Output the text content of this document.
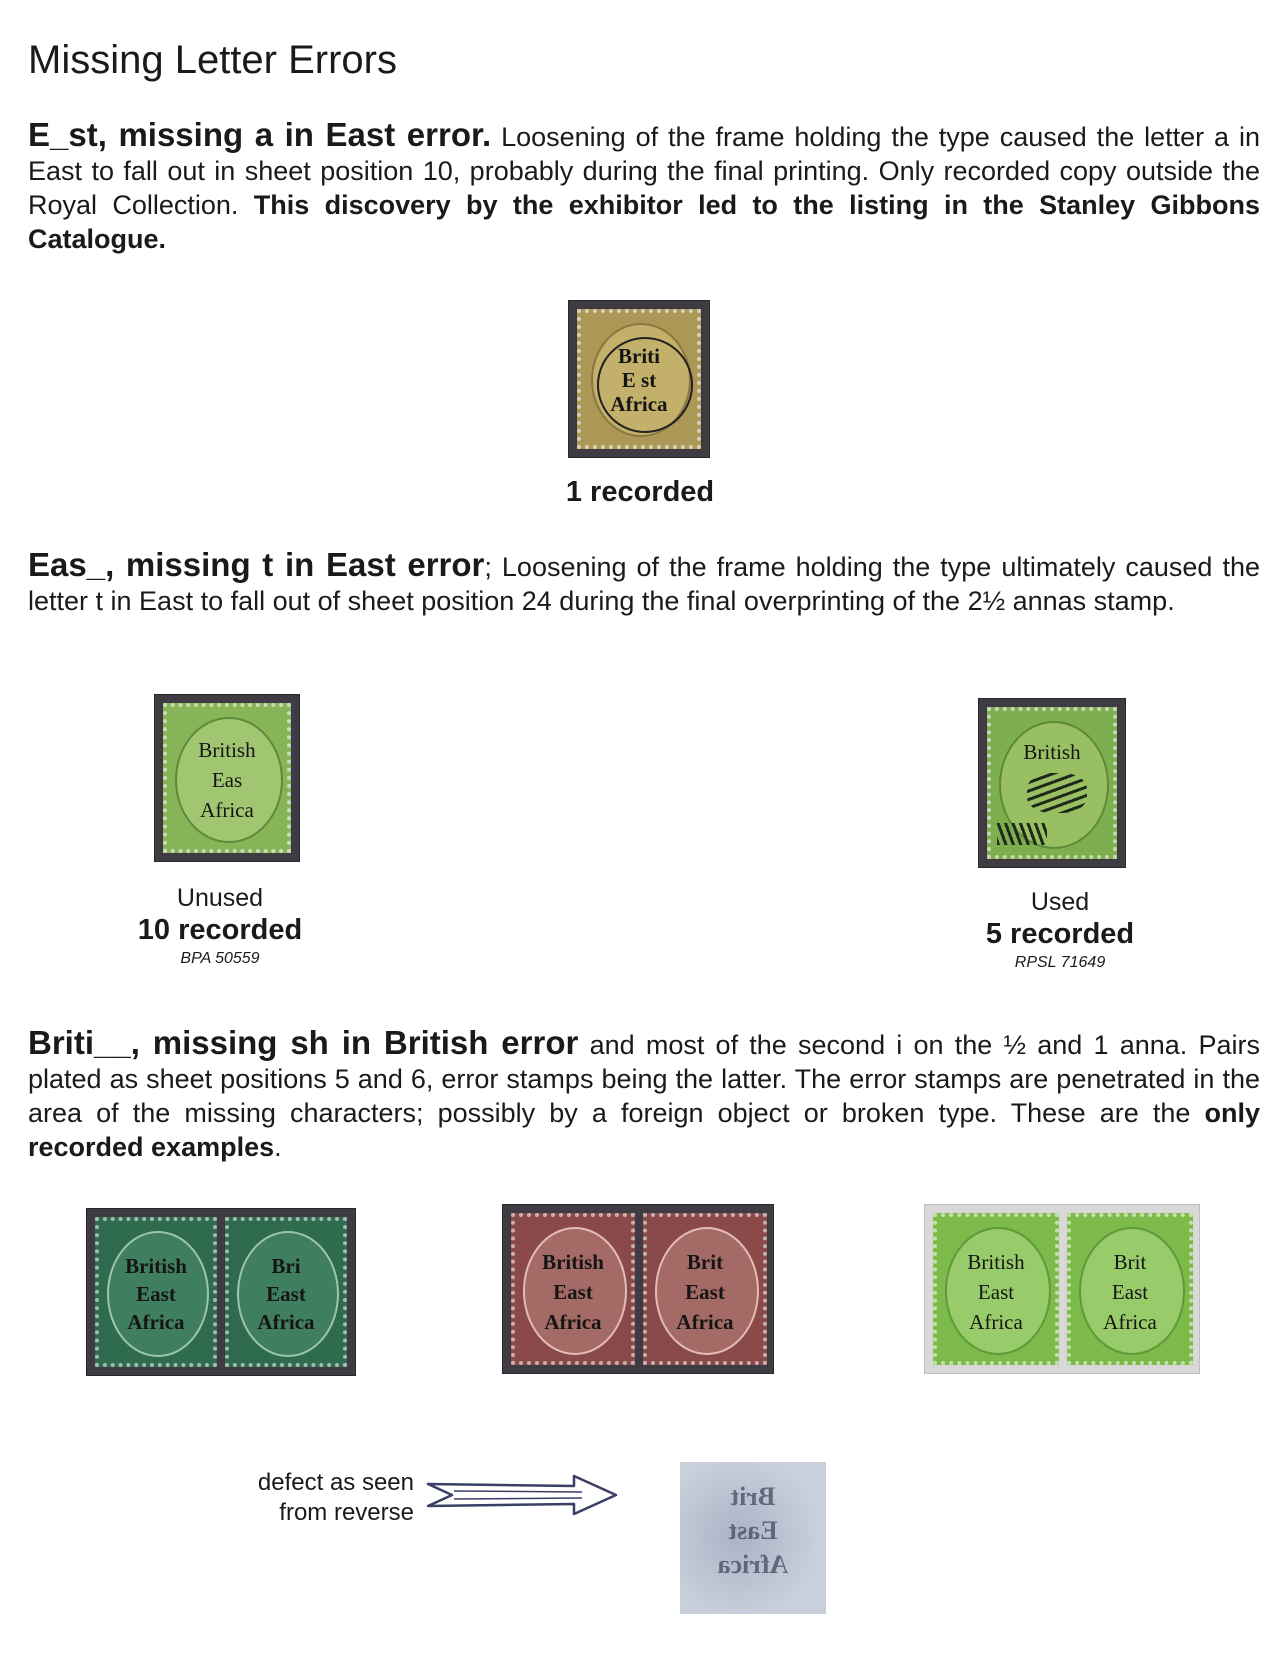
Missing Letter Errors

E_st, missing a in East error. Loosening of the frame holding the type caused the letter a in East to fall out in sheet position 10, probably during the final printing. Only recorded copy outside the Royal Collection. This discovery by the exhibitor led to the listing in the Stanley Gibbons Catalogue.

Briti
E st
Africa
1 recorded

Eas_, missing t in East error; Loosening of the frame holding the type ultimately caused the letter t in East to fall out of sheet position 24 during the final overprinting of the 2½ annas stamp.

British
Eas
Africa
Unused
10 recorded
BPA 50559
British
Used
5 recorded
RPSL 71649

Briti__, missing sh in British error and most of the second i on the ½ and 1 anna. Pairs plated as sheet positions 5 and 6, error stamps being the latter. The error stamps are penetrated in the area of the missing characters; possibly by a foreign object or broken type. These are the only recorded examples.

British
East
Africa
Bri
East
Africa
British
East
Africa
Brit
East
Africa
British
East
Africa
Brit
East
Africa
defect as seen
from reverse
Brit
East
Africa
